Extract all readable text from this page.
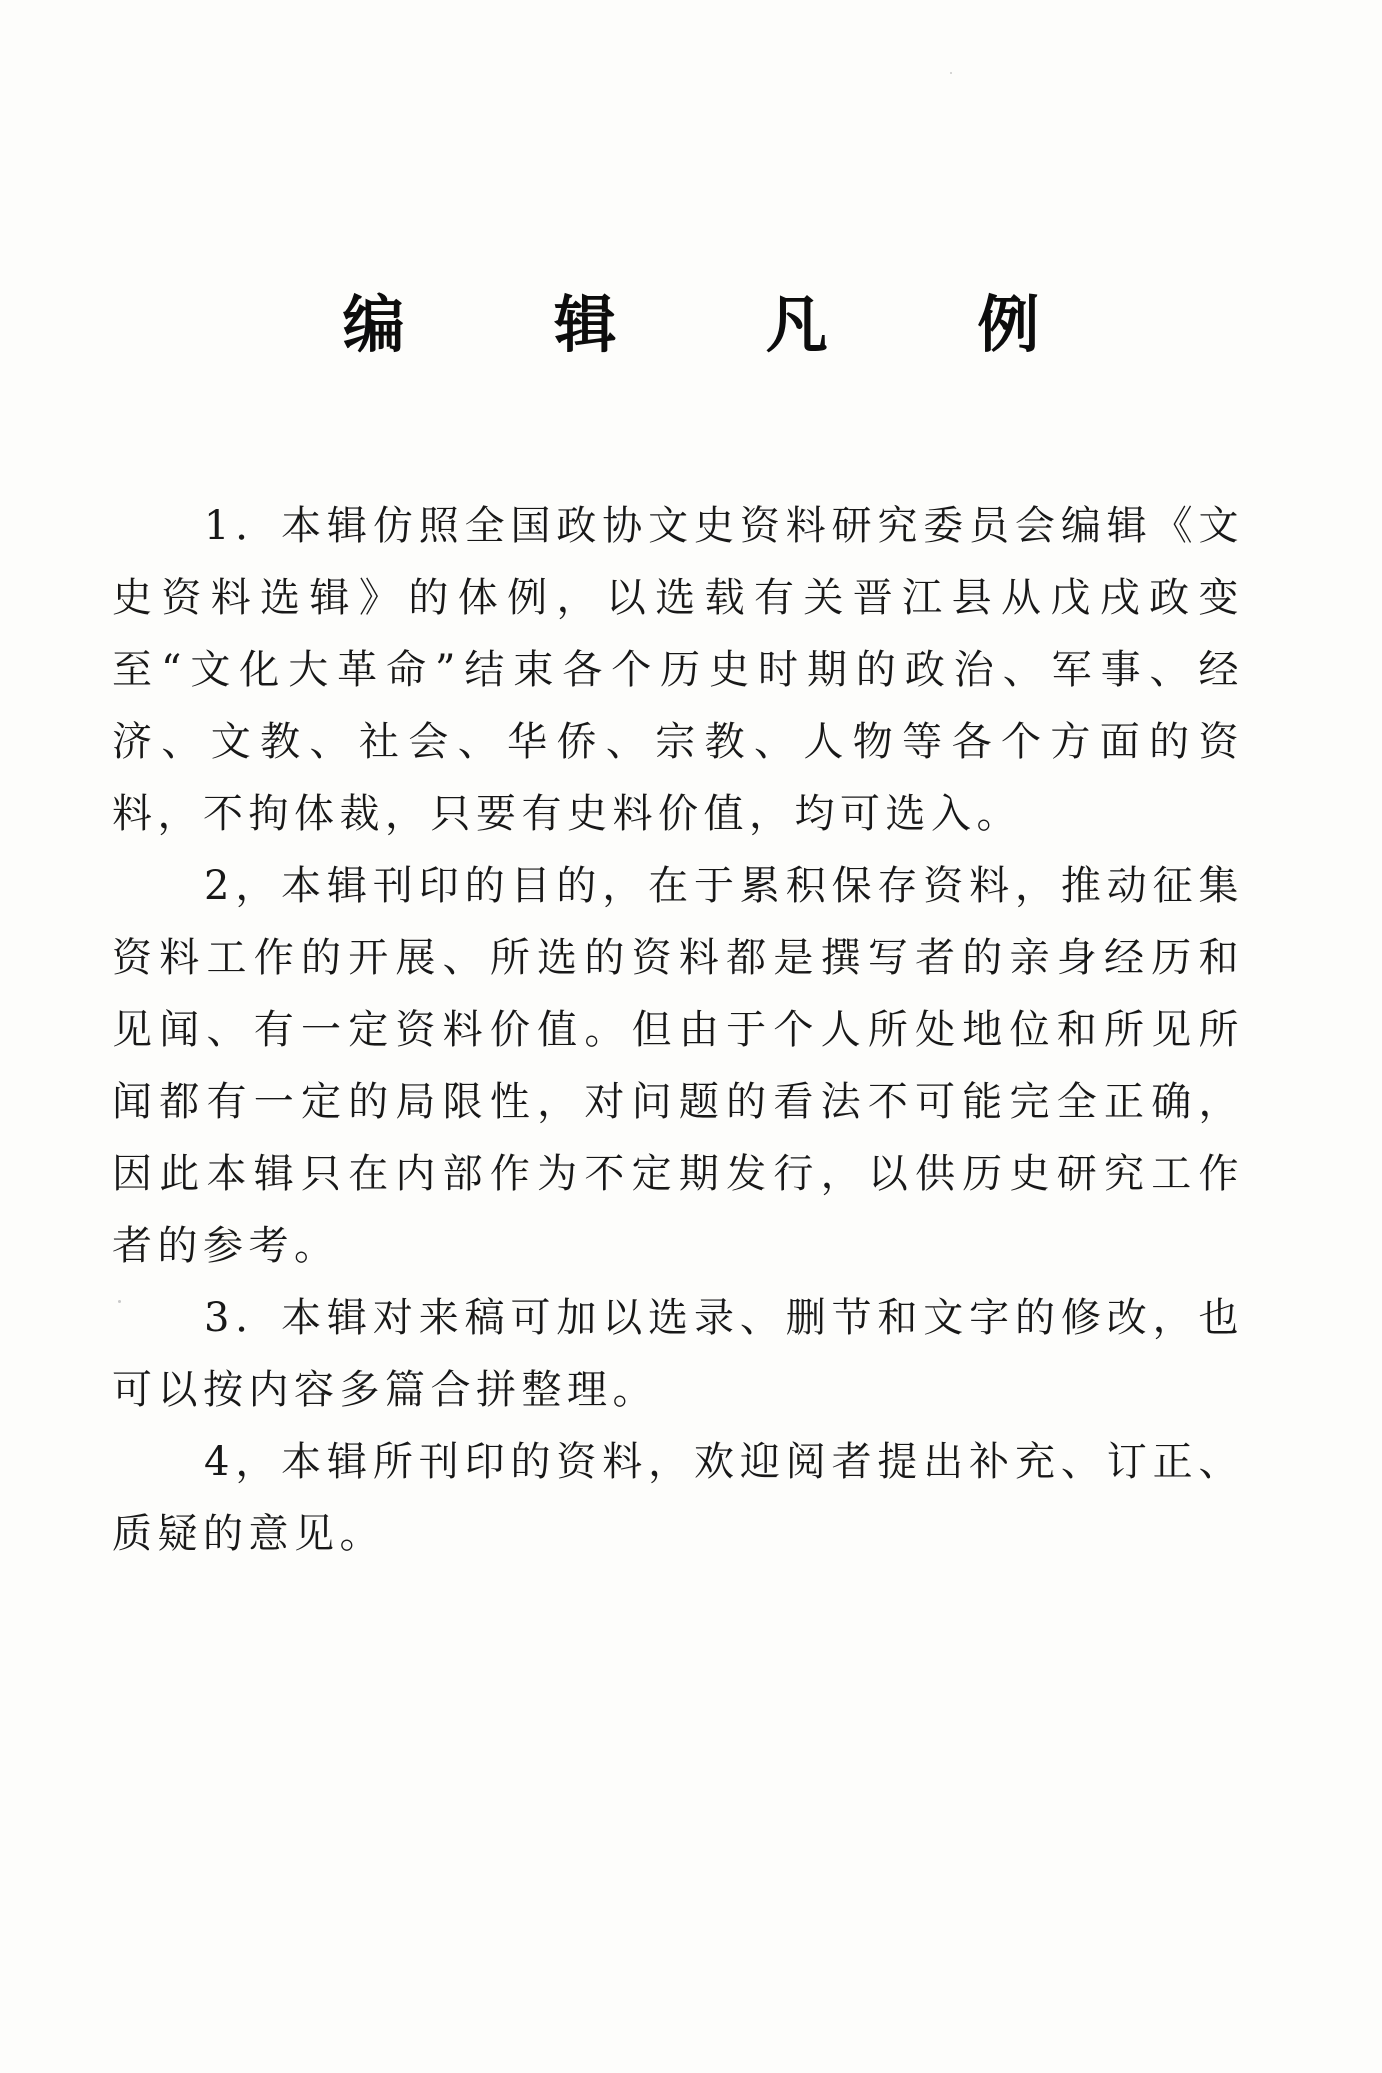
编 辑 凡 例

1．本辑仿照全国政协文史资料研究委员会编辑《文史资料选辑》的体例，以选载有关晋江县从戊戌政变至“文化大革命”结束各个历史时期的政治、军事、经济、文教、社会、华侨、宗教、人物等各个方面的资料，不拘体裁，只要有史料价值，均可选入。

2，本辑刊印的目的，在于累积保存资料，推动征集资料工作的开展、所选的资料都是撰写者的亲身经历和见闻、有一定资料价值。但由于个人所处地位和所见所闻都有一定的局限性，对问题的看法不可能完全正确，因此本辑只在内部作为不定期发行，以供历史研究工作者的参考。

3．本辑对来稿可加以选录、删节和文字的修改，也可以按内容多篇合拼整理。

4，本辑所刊印的资料，欢迎阅者提出补充、订正、质疑的意见。
